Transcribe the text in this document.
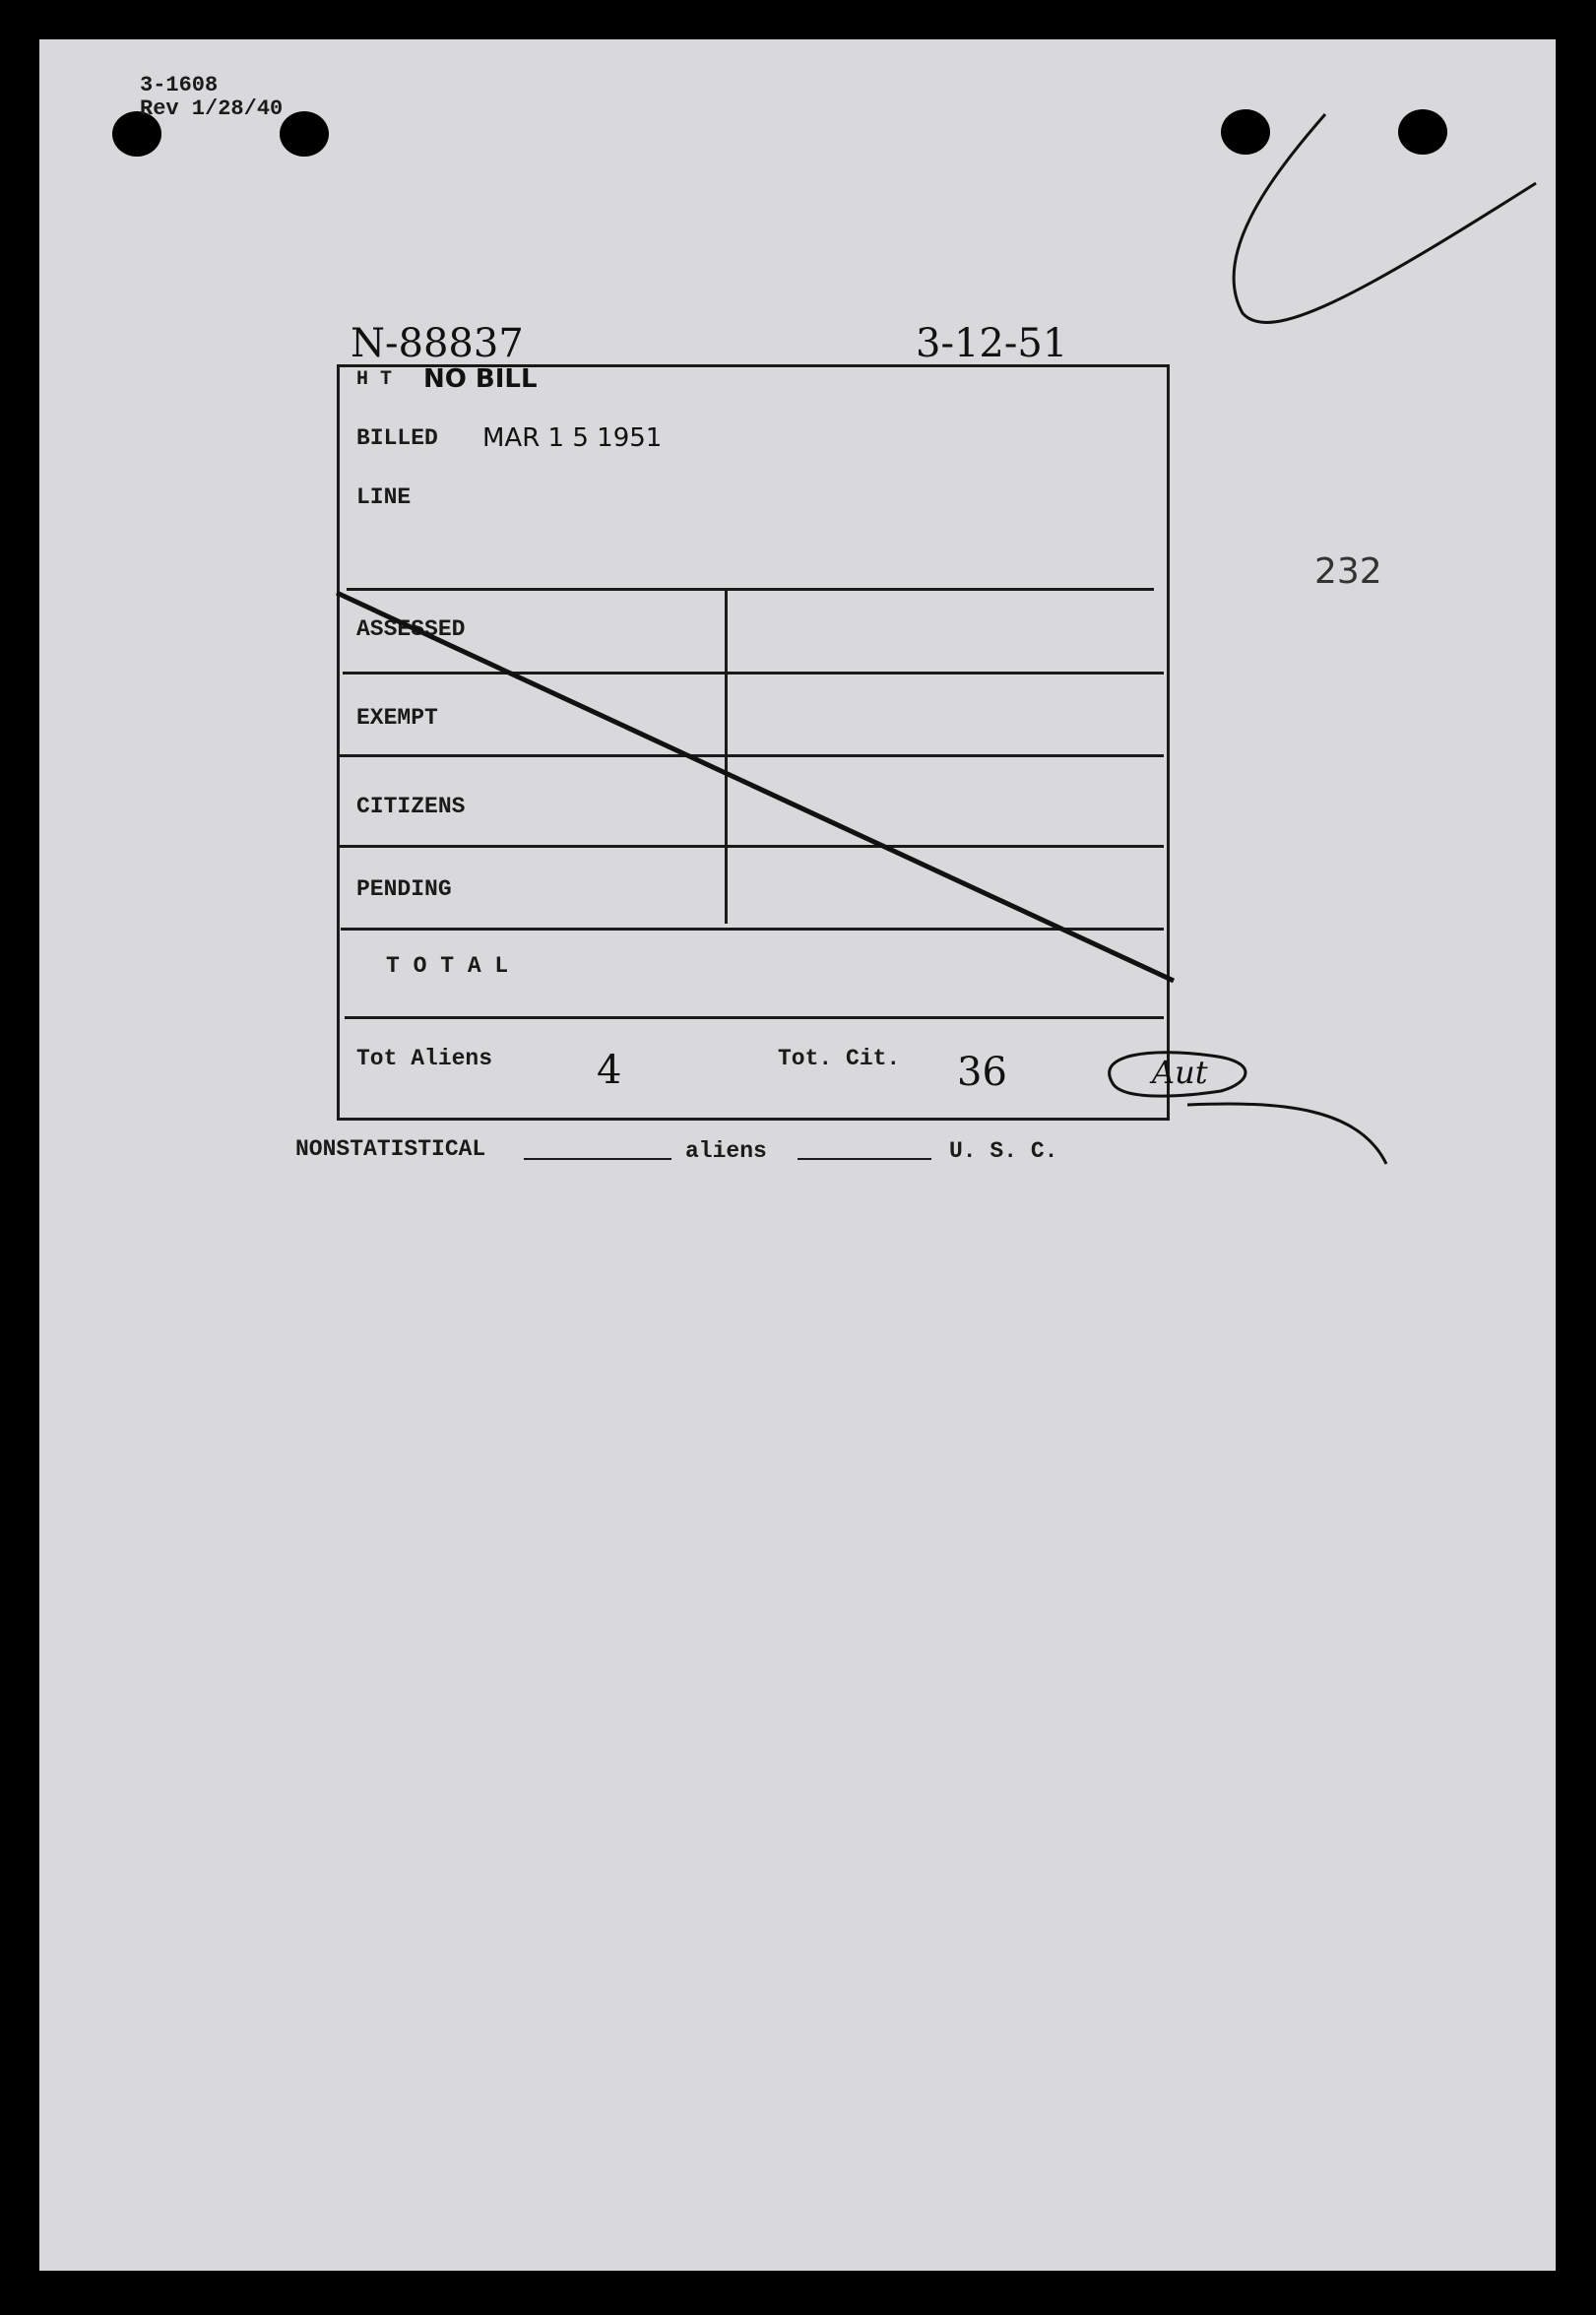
3-1608
Rev 1/28/40
N-88837	3-12-51
H T NO BILL
BILLED MAR 1 5 1951
LINE
ASSESSED
EXEMPT
CITIZENS
PENDING
T O T A L
Tot Aliens	4	Tot. Cit. 36	Aut
232
NONSTATISTICAL	aliens	U. S. C.
